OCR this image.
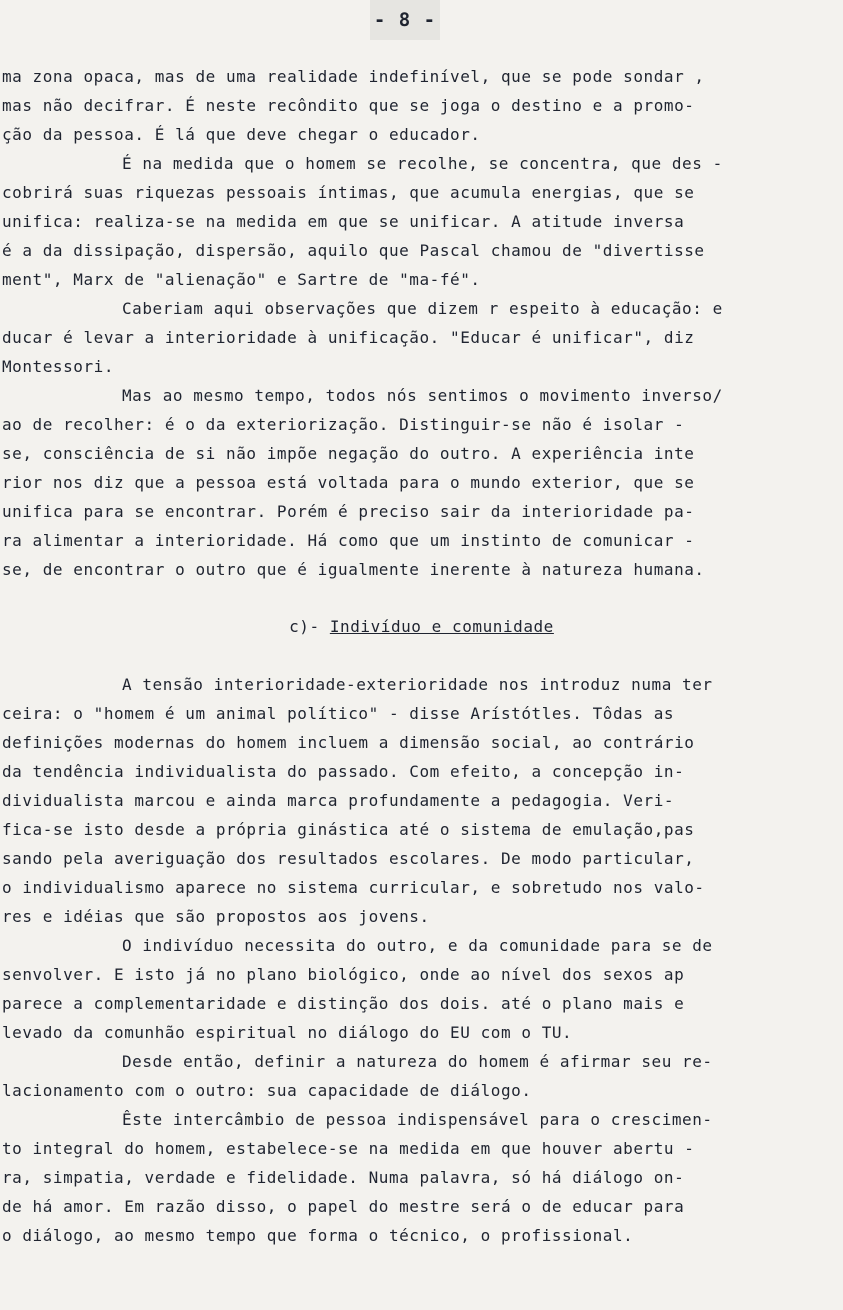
- 8 -
ma zona opaca, mas de uma realidade indefinível, que se pode sondar ,
mas não decifrar. É neste recôndito que se joga o destino e a promo-
ção da pessoa. É lá que deve chegar o educador.
É na medida que o homem se recolhe, se concentra, que des -
cobrirá suas riquezas pessoais íntimas, que acumula energias, que se
unifica: realiza-se na medida em que se unificar. A atitude inversa
é a da dissipação, dispersão, aquilo que Pascal chamou de "divertisse
ment", Marx de "alienação" e Sartre de "ma-fé".
Caberiam aqui observações que dizem r espeito à educação: e
ducar é levar a interioridade à unificação. "Educar é unificar", diz
Montessori.
Mas ao mesmo tempo, todos nós sentimos o movimento inverso/
ao de recolher: é o da exteriorização. Distinguir-se não é isolar -
se, consciência de si não impõe negação do outro. A experiência inte
rior nos diz que a pessoa está voltada para o mundo exterior, que se
unifica para se encontrar. Porém é preciso sair da interioridade pa-
ra alimentar a interioridade. Há como que um instinto de comunicar -
se, de encontrar o outro que é igualmente inerente à natureza humana.
c)- Indivíduo e comunidade
A tensão interioridade-exterioridade nos introduz numa ter
ceira: o "homem é um animal político" - disse Arístótles. Tôdas as
definições modernas do homem incluem a dimensão social, ao contrário
da tendência individualista do passado. Com efeito, a concepção in-
dividualista marcou e ainda marca profundamente a pedagogia. Veri-
fica-se isto desde a própria ginástica até o sistema de emulação,pas
sando pela averiguação dos resultados escolares. De modo particular,
o individualismo aparece no sistema curricular, e sobretudo nos valo-
res e idéias que são propostos aos jovens.
O indivíduo necessita do outro, e da comunidade para se de
senvolver. E isto já no plano biológico, onde ao nível dos sexos ap
parece a complementaridade e distinção dos dois. até o plano mais e
levado da comunhão espiritual no diálogo do EU com o TU.
Desde então, definir a natureza do homem é afirmar seu re-
lacionamento com o outro: sua capacidade de diálogo.
Êste intercâmbio de pessoa indispensável para o crescimen-
to integral do homem, estabelece-se na medida em que houver abertu -
ra, simpatia, verdade e fidelidade. Numa palavra, só há diálogo on-
de há amor. Em razão disso, o papel do mestre será o de educar para
o diálogo, ao mesmo tempo que forma o técnico, o profissional.
